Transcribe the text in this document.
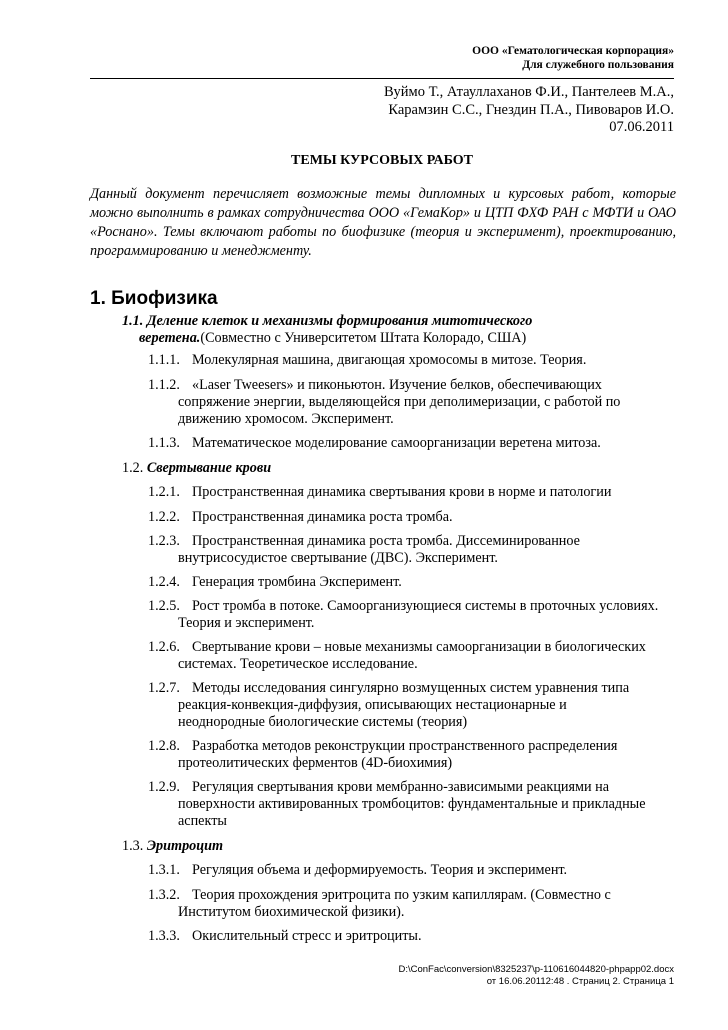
ООО «Гематологическая корпорация»
Для служебного пользования
Вуймо Т., Атауллаханов Ф.И., Пантелеев М.А.,
Карамзин С.С., Гнездин П.А., Пивоваров И.О.
07.06.2011
ТЕМЫ КУРСОВЫХ РАБОТ
Данный документ перечисляет возможные темы дипломных и курсовых работ, которые можно выполнить в рамках сотрудничества ООО «ГемаКор» и ЦТП ФХФ РАН с МФТИ и ОАО «Роснано». Темы включают работы по биофизике (теория и эксперимент), проектированию, программированию и менеджменту.
1. Биофизика
1.1. Деление клеток и механизмы формирования митотического
веретена.(Совместно с Университетом Штата Колорадо, США)
1.1.1. Молекулярная машина, двигающая хромосомы в митозе. Теория.
1.1.2. «Laser Tweesers» и пиконьютон. Изучение белков, обеспечивающих
сопряжение энергии, выделяющейся при деполимеризации, с работой по
движению хромосом. Эксперимент.
1.1.3. Математическое моделирование самоорганизации веретена митоза.
1.2. Свертывание крови
1.2.1. Пространственная динамика свертывания крови в норме и патологии
1.2.2. Пространственная динамика роста тромба.
1.2.3. Пространственная динамика роста тромба. Диссеминированное
внутрисосудистое свертывание (ДВС). Эксперимент.
1.2.4. Генерация тромбина Эксперимент.
1.2.5. Рост тромба в потоке. Самоорганизующиеся системы в проточных условиях.
Теория и эксперимент.
1.2.6. Свертывание крови – новые механизмы самоорганизации в биологических
системах. Теоретическое исследование.
1.2.7. Методы исследования сингулярно возмущенных систем уравнения типа
реакция-конвекция-диффузия, описывающих нестационарные и
неоднородные биологические системы (теория)
1.2.8. Разработка методов реконструкции пространственного распределения
протеолитических ферментов (4D-биохимия)
1.2.9. Регуляция свертывания крови мембранно-зависимыми реакциями на
поверхности активированных тромбоцитов: фундаментальные и прикладные
аспекты
1.3. Эритроцит
1.3.1. Регуляция объема и деформируемость. Теория и эксперимент.
1.3.2. Теория прохождения эритроцита по узким капиллярам. (Совместно с
Институтом биохимической физики).
1.3.3. Окислительный стресс и эритроциты.
D:\ConFac\conversion\8325237\p-110616044820-phpapp02.docx
от 16.06.20112:48 . Страниц 2. Страница 1
